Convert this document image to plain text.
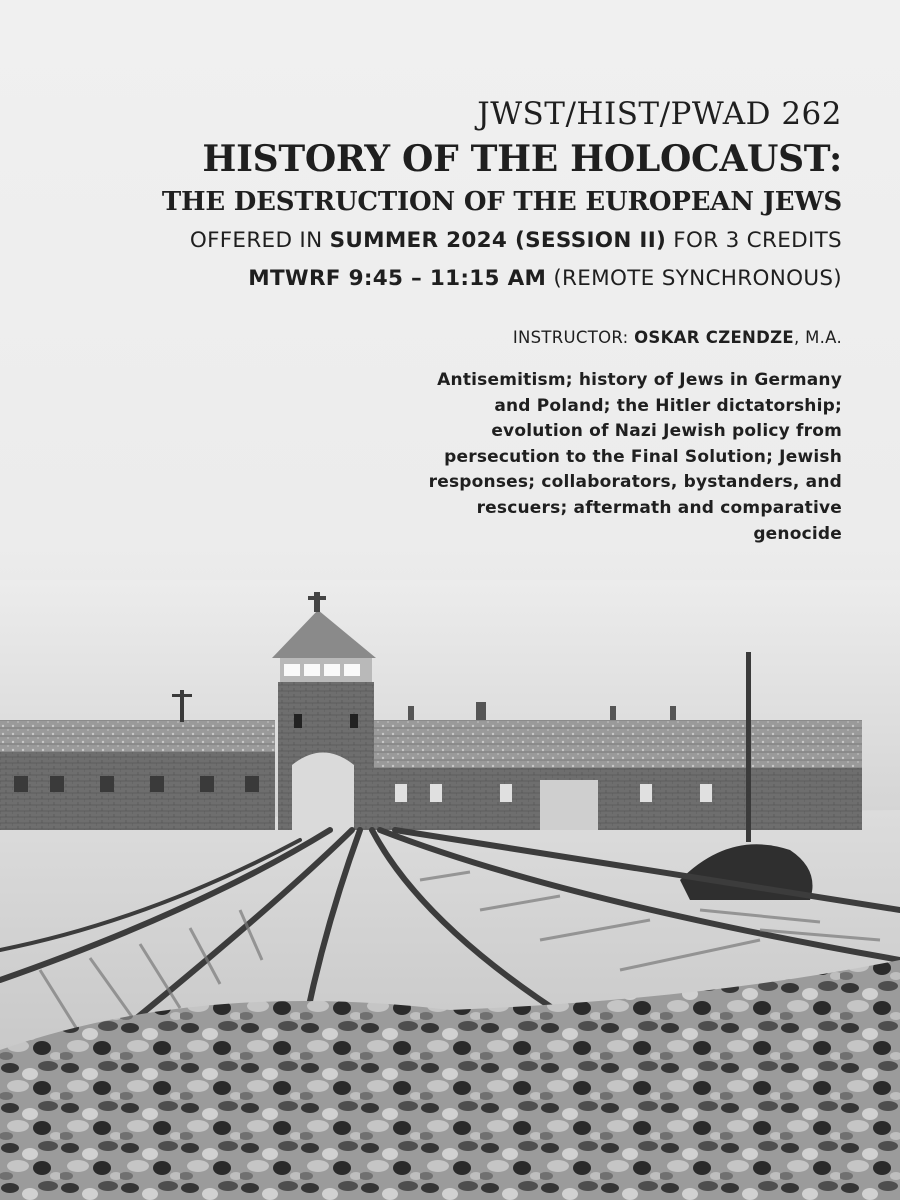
JWST/HIST/PWAD 262
HISTORY OF THE HOLOCAUST:
THE DESTRUCTION OF THE EUROPEAN JEWS
OFFERED IN SUMMER 2024 (SESSION II) FOR 3 CREDITS
MTWRF 9:45 – 11:15 AM (REMOTE SYNCHRONOUS)
INSTRUCTOR: OSKAR CZENDZE, M.A.
Antisemitism; history of Jews in Germany and Poland; the Hitler dictatorship; evolution of Nazi Jewish policy from persecution to the Final Solution; Jewish responses; collaborators, bystanders, and rescuers; aftermath and comparative genocide
